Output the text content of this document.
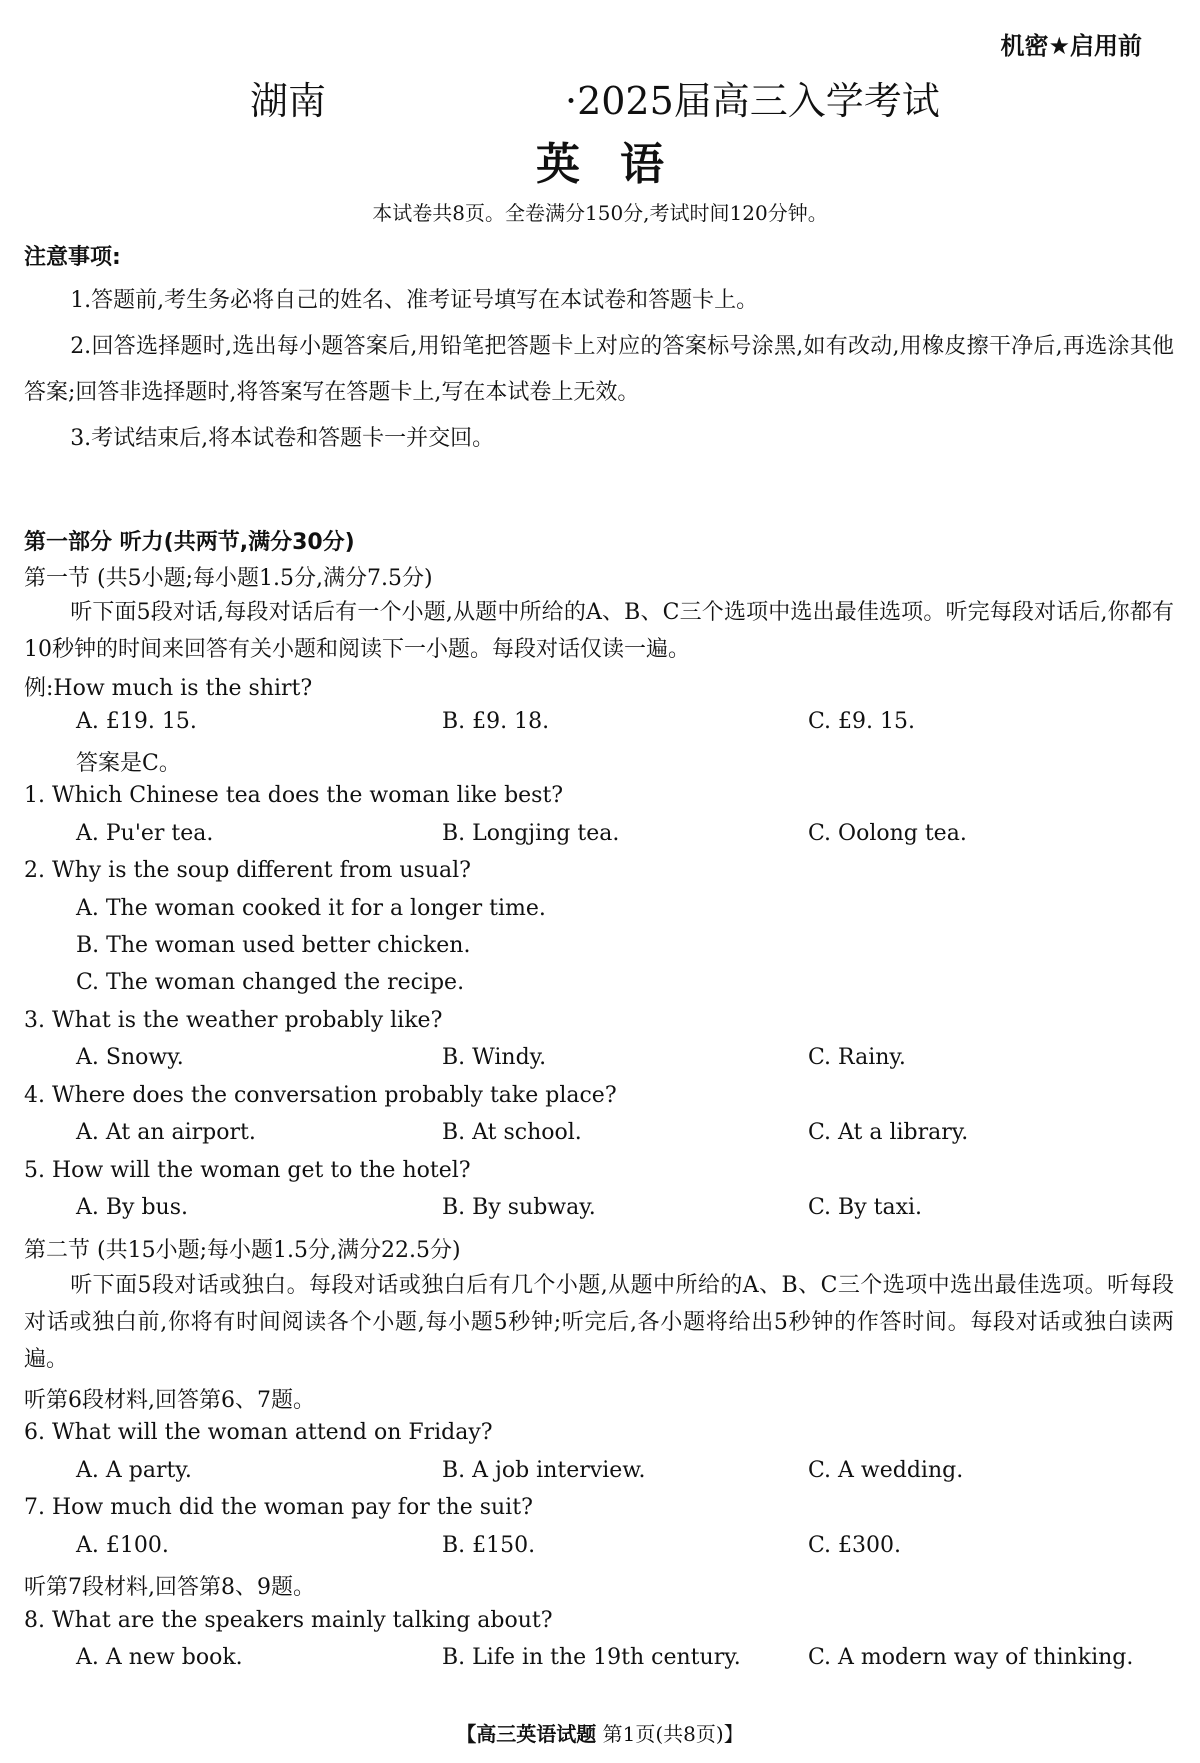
机密★启用前
湖南	·2025届高三入学考试
英语
本试卷共8页。全卷满分150分,考试时间120分钟。
注意事项:
1.答题前,考生务必将自己的姓名、准考证号填写在本试卷和答题卡上。
2.回答选择题时,选出每小题答案后,用铅笔把答题卡上对应的答案标号涂黑,如有改动,用橡皮擦干净后,再选涂其他答案;回答非选择题时,将答案写在答题卡上,写在本试卷上无效。
3.考试结束后,将本试卷和答题卡一并交回。
第一部分 听力(共两节,满分30分)
第一节 (共5小题;每小题1.5分,满分7.5分)
听下面5段对话,每段对话后有一个小题,从题中所给的A、B、C三个选项中选出最佳选项。听完每段对话后,你都有10秒钟的时间来回答有关小题和阅读下一小题。每段对话仅读一遍。
例:How much is the shirt?
A. £19. 15.	B. £9. 18.	C. £9. 15.
答案是C。
1. Which Chinese tea does the woman like best?
A. Pu'er tea.	B. Longjing tea.	C. Oolong tea.
2. Why is the soup different from usual?
A. The woman cooked it for a longer time.
B. The woman used better chicken.
C. The woman changed the recipe.
3. What is the weather probably like?
A. Snowy.	B. Windy.	C. Rainy.
4. Where does the conversation probably take place?
A. At an airport.	B. At school.	C. At a library.
5. How will the woman get to the hotel?
A. By bus.	B. By subway.	C. By taxi.
第二节 (共15小题;每小题1.5分,满分22.5分)
听下面5段对话或独白。每段对话或独白后有几个小题,从题中所给的A、B、C三个选项中选出最佳选项。听每段对话或独白前,你将有时间阅读各个小题,每小题5秒钟;听完后,各小题将给出5秒钟的作答时间。每段对话或独白读两遍。
听第6段材料,回答第6、7题。
6. What will the woman attend on Friday?
A. A party.	B. A job interview.	C. A wedding.
7. How much did the woman pay for the suit?
A. £100.	B. £150.	C. £300.
听第7段材料,回答第8、9题。
8. What are the speakers mainly talking about?
A. A new book.	B. Life in the 19th century.	C. A modern way of thinking.
【高三英语试题 第1页(共8页)】
